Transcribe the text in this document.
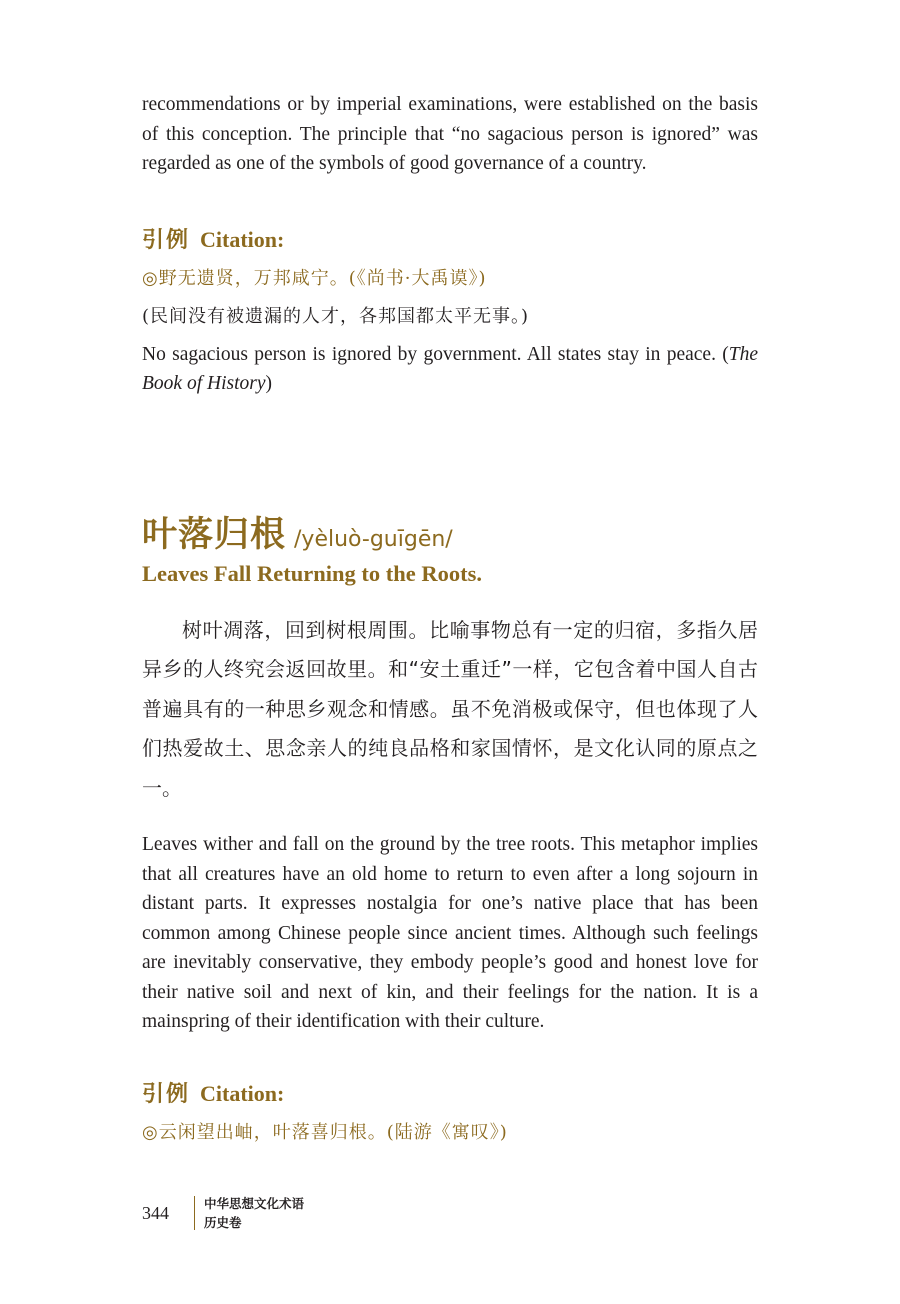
recommendations or by imperial examinations, were established on the basis of this conception. The principle that “no sagacious person is ignored” was regarded as one of the symbols of good governance of a country.

引例 Citation:

◎野无遗贤，万邦咸宁。(《尚书·大禹谟》)

(民间没有被遗漏的人才，各邦国都太平无事。)

No sagacious person is ignored by government. All states stay in peace. (The Book of History)

叶落归根 /yèluò-guīgēn/

Leaves Fall Returning to the Roots.

树叶凋落，回到树根周围。比喻事物总有一定的归宿，多指久居异乡的人终究会返回故里。和“安土重迁”一样，它包含着中国人自古普遍具有的一种思乡观念和情感。虽不免消极或保守，但也体现了人们热爱故土、思念亲人的纯良品格和家国情怀，是文化认同的原点之一。

Leaves wither and fall on the ground by the tree roots. This metaphor implies that all creatures have an old home to return to even after a long sojourn in distant parts. It expresses nostalgia for one’s native place that has been common among Chinese people since ancient times. Although such feelings are inevitably conservative, they embody people’s good and honest love for their native soil and next of kin, and their feelings for the nation. It is a mainspring of their identification with their culture.

引例 Citation:

◎云闲望出岫，叶落喜归根。(陆游《寓叹》)

344	中华思想文化术语
历史卷
